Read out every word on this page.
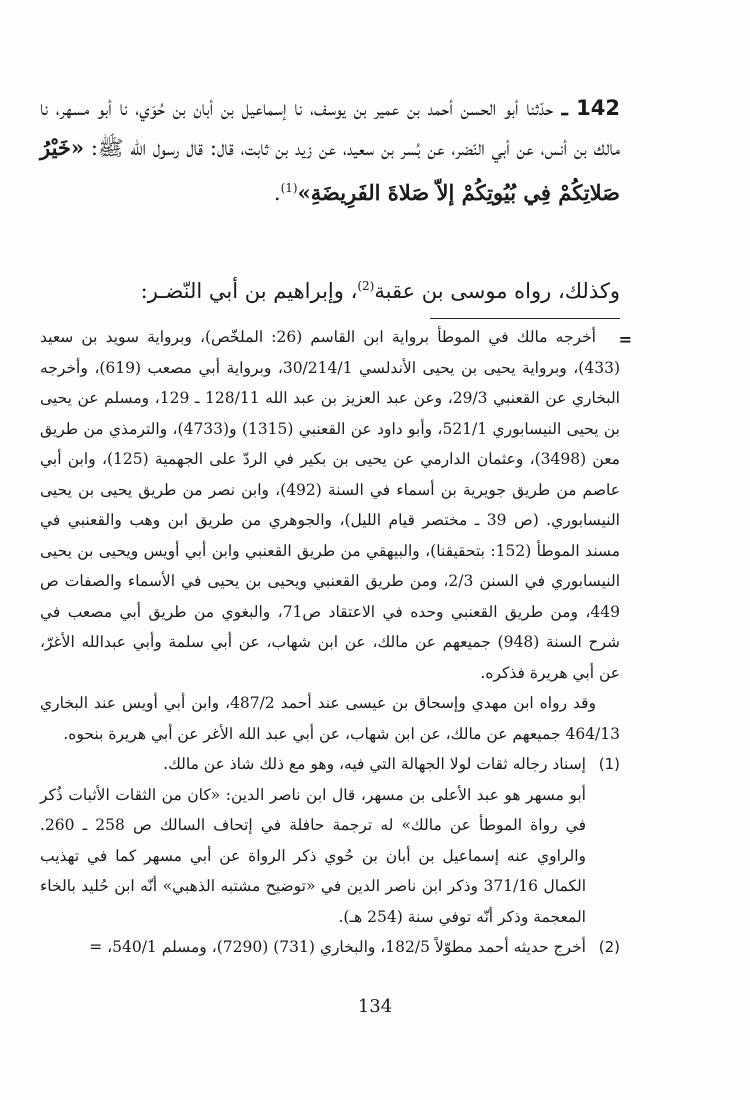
142 ـ حدّثنا أبو الحسن أحمد بن عمير بن يوسف، نا إسماعيل بن أبان بن حُوَي، نا أبو مسهر، نا مالك بن أنس، عن أبي النّضر، عن بُسر بن سعيد، عن زيد بن ثابت، قال: قال رسول الله ﷺ: «خَيْرُ صَلاتِكُمْ فِي بُيُوتِكُمْ إلاّ صَلاةَ الفَرِيضَةِ»$^{(1)}$.

وكذلك، رواه موسى بن عقبة$^{(2)}$، وإبراهيم بن أبي النّضـر:
=

أخرجه مالك في الموطأ برواية ابن القاسم (26: الملخّص)، وبرواية سويد بن سعيد (433)، وبرواية يحيى بن يحيى الأندلسي 30/214/1، وبرواية أبي مصعب (619)، وأخرجه البخاري عن القعنبي 29/3، وعن عبد العزيز بن عبد الله 128/11 ـ 129، ومسلم عن يحيى بن يحيى النيسابوري 521/1، وأبو داود عن القعنبي (1315) و(4733)، والترمذي من طريق معن (3498)، وعثمان الدارمي عن يحيى بن بكير في الردّ على الجهمية (125)، وابن أبي عاصم من طريق جويرية بن أسماء في السنة (492)، وابن نصر من طريق يحيى بن يحيى النيسابوري. (ص 39 ـ مختصر قيام الليل)، والجوهري من طريق ابن وهب والقعنبي في مسند الموطأ (152: بتحقيقنا)، والبيهقي من طريق القعنبي وابن أبي أويس ويحيى بن يحيى النيسابوري في السنن 2/3، ومن طريق القعنبي ويحيى بن يحيى في الأسماء والصفات ص 449، ومن طريق القعنبي وحده في الاعتقاد ص71، والبغوي من طريق أبي مصعب في شرح السنة (948) جميعهم عن مالك، عن ابن شهاب، عن أبي سلمة وأبي عبدالله الأغرّ، عن أبي هريرة فذكره.

وقد رواه ابن مهدي وإسحاق بن عيسى عند أحمد 487/2، وابن أبي أويس عند البخاري 464/13 جميعهم عن مالك، عن ابن شهاب، عن أبي عبد الله الأغر عن أبي هريرة بنحوه.

(1)

إسناد رجاله ثقات لولا الجهالة التي فيه، وهو مع ذلك شاذ عن مالك.

أبو مسهر هو عبد الأعلى بن مسهر، قال ابن ناصر الدين: «كان من الثقات الأثبات ذُكر في رواة الموطأ عن مالك» له ترجمة حافلة في إتحاف السالك ص 258 ـ 260. والراوي عنه إسماعيل بن أبان بن حُوي ذكر الرواة عن أبي مسهر كما في تهذيب الكمال 371/16 وذكر ابن ناصر الدين في «توضيح مشتبه الذهبي» أنّه ابن حُليد بالخاء المعجمة وذكر أنّه توفي سنة (254 هـ).

(2)

أخرج حديثه أحمد مطوّلاً 182/5، والبخاري (731) (7290)، ومسلم 540/1، =

134
